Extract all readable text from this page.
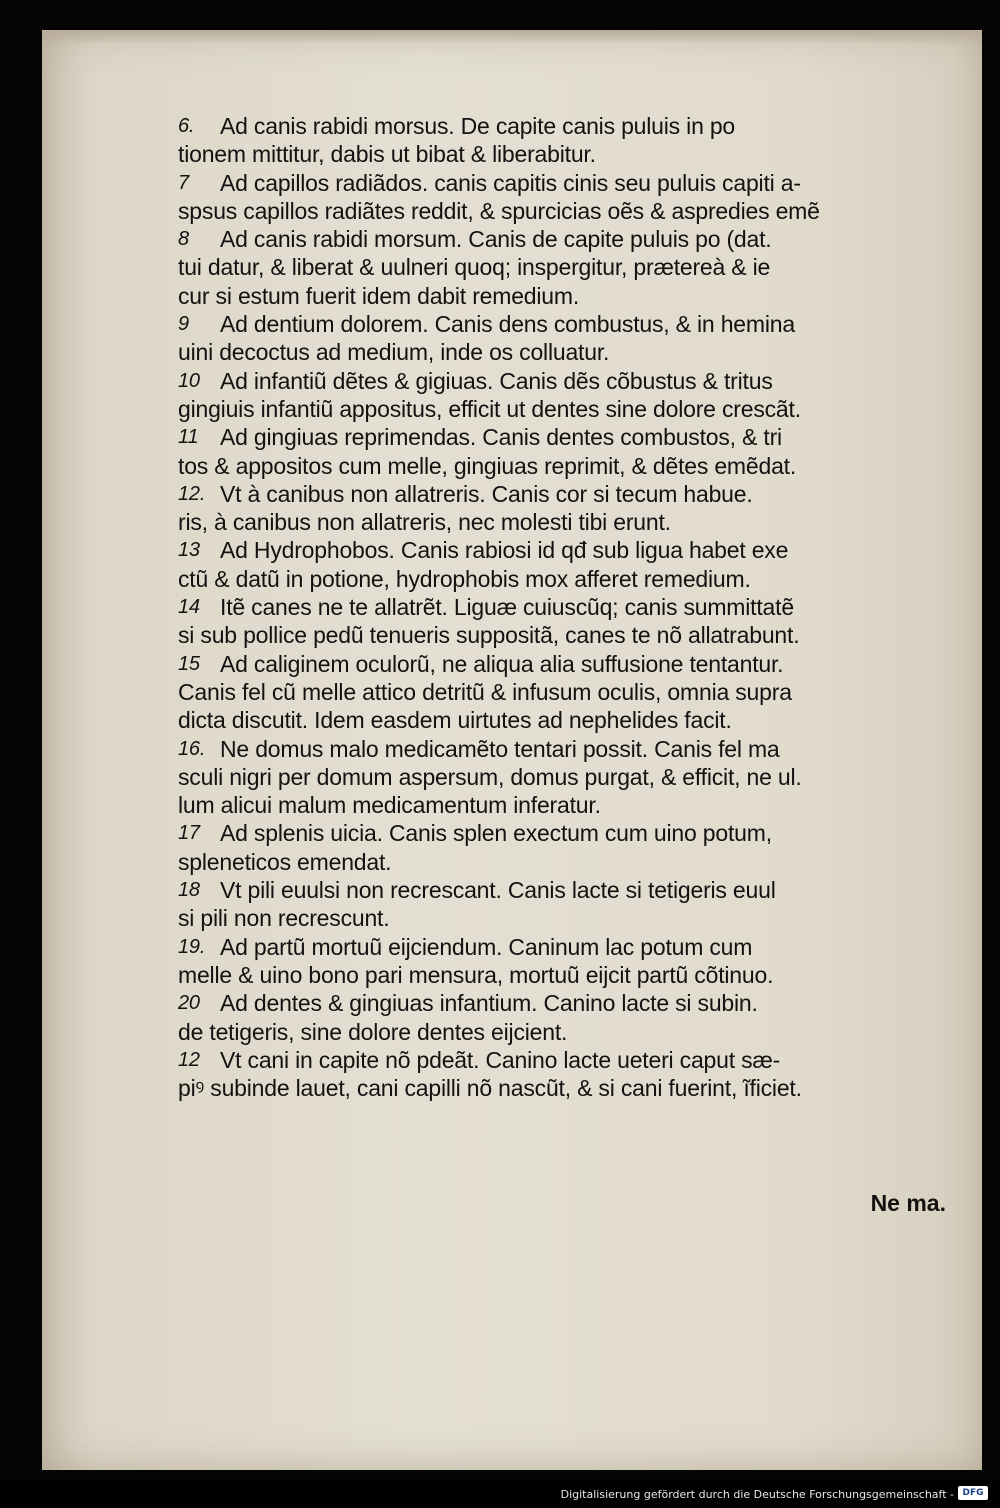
6.	Ad canis rabidi morsus. De capite canis puluis in po
tionem mittitur, dabis ut bibat & liberabitur.
7	Ad capillos radiãdos. canis capitis cinis seu puluis capiti a-
spsus capillos radiãtes reddit, & spurcicias oẽs & aspredies emẽ
8	Ad canis rabidi morsum. Canis de capite puluis po (dat.
tui datur, & liberat & uulneri quoq; inspergitur, prætereà & ie
cur si estum fuerit idem dabit remedium.
9	Ad dentium dolorem. Canis dens combustus, & in hemina
uini decoctus ad medium, inde os colluatur.
10 Ad infantiũ dẽtes & gigiuas. Canis dẽs cõbustus & tritus
gingiuis infantiũ appositus, efficit ut dentes sine dolore crescãt.
11 Ad gingiuas reprimendas. Canis dentes combustos, & tri
tos & appositos cum melle, gingiuas reprimit, & dẽtes emẽdat.
12. Vt à canibus non allatreris. Canis cor si tecum habue.
ris, à canibus non allatreris, nec molesti tibi erunt.
13 Ad Hydrophobos. Canis rabiosi id qđ sub ligua habet exe
ctũ & datũ in potione, hydrophobis mox afferet remedium.
14 Itẽ canes ne te allatrẽt. Liguæ cuiuscũq; canis summittatẽ
si sub pollice pedũ tenueris suppositã, canes te nõ allatrabunt.
15 Ad caliginem oculorũ, ne aliqua alia suffusione tentantur.
Canis fel cũ melle attico detritũ & infusum oculis, omnia supra
dicta discutit. Idem easdem uirtutes ad nephelides facit.
16. Ne domus malo medicamẽto tentari possit. Canis fel ma
sculi nigri per domum aspersum, domus purgat, & efficit, ne ul.
lum alicui malum medicamentum inferatur.
17 Ad splenis uicia. Canis splen exectum cum uino potum,
spleneticos emendat.
18 Vt pili euulsi non recrescant. Canis lacte si tetigeris euul
si pili non recrescunt.
19. Ad partũ mortuũ eijciendum. Caninum lac potum cum
melle & uino bono pari mensura, mortuũ eijcit partũ cõtinuo.
20 Ad dentes & gingiuas infantium. Canino lacte si subin.
de tetigeris, sine dolore dentes eijcient.
12 Vt cani in capite nõ pdeãt. Canino lacte ueteri caput sæ-
piꝰ subinde lauet, cani capilli nõ nascũt, & si cani fuerint, ĩficiet.
Ne ma.
Digitalisierung gefördert durch die Deutsche Forschungsgemeinschaft - DFG
